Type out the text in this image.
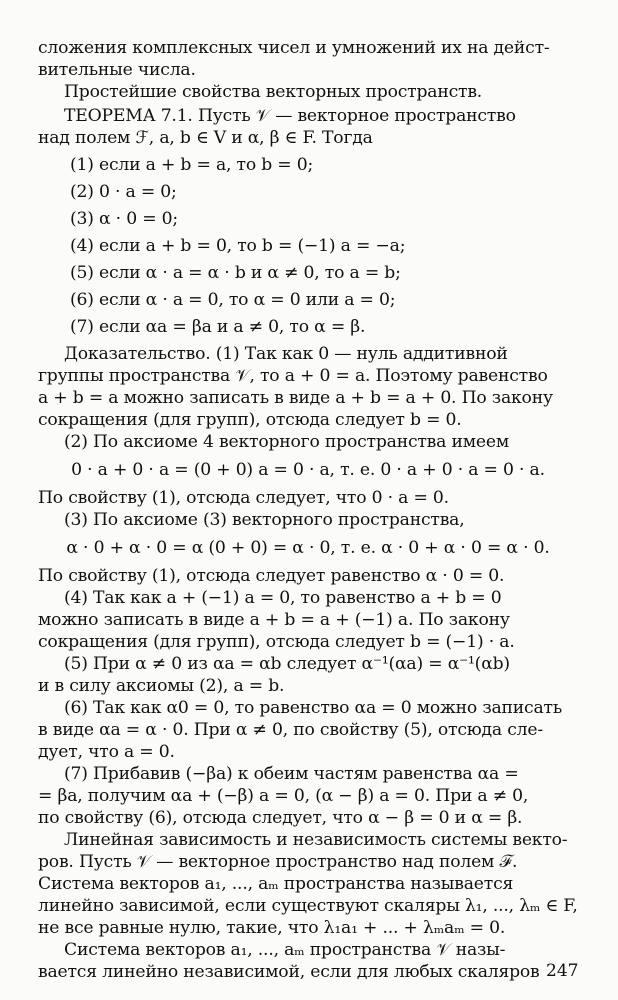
сложения комплексных чисел и умножений их на дейст-
вительные числа.
Простейшие свойства векторных пространств.
ТЕОРЕМА 7.1. Пусть 𝒱 — векторное пространство
над полем ℱ, a, b ∈ V и α, β ∈ F. Тогда
(1) если a + b = a, то b = 0;
(2) 0 · a = 0;
(3) α · 0 = 0;
(4) если a + b = 0, то b = (−1) a = −a;
(5) если α · a = α · b и α ≠ 0, то a = b;
(6) если α · a = 0, то α = 0 или a = 0;
(7) если αa = βa и a ≠ 0, то α = β.
Доказательство. (1) Так как 0 — нуль аддитивной
группы пространства 𝒱, то a + 0 = a. Поэтому равенство
a + b = a можно записать в виде a + b = a + 0. По закону
сокращения (для групп), отсюда следует b = 0.
(2) По аксиоме 4 векторного пространства имеем
0 · a + 0 · a = (0 + 0) a = 0 · a, т. е. 0 · a + 0 · a = 0 · a.
По свойству (1), отсюда следует, что 0 · a = 0.
(3) По аксиоме (3) векторного пространства,
α · 0 + α · 0 = α (0 + 0) = α · 0, т. е. α · 0 + α · 0 = α · 0.
По свойству (1), отсюда следует равенство α · 0 = 0.
(4) Так как a + (−1) a = 0, то равенство a + b = 0
можно записать в виде a + b = a + (−1) a. По закону
сокращения (для групп), отсюда следует b = (−1) · a.
(5) При α ≠ 0 из αa = αb следует α⁻¹(αa) = α⁻¹(αb)
и в силу аксиомы (2), a = b.
(6) Так как α0 = 0, то равенство αa = 0 можно записать
в виде αa = α · 0. При α ≠ 0, по свойству (5), отсюда сле-
дует, что a = 0.
(7) Прибавив (−βa) к обеим частям равенства αa =
= βa, получим αa + (−β) a = 0, (α − β) a = 0. При a ≠ 0,
по свойству (6), отсюда следует, что α − β = 0 и α = β.
Линейная зависимость и независимость системы векто-
ров. Пусть 𝒱 — векторное пространство над полем ℱ.
Система векторов a₁, ..., aₘ пространства называется
линейно зависимой, если существуют скаляры λ₁, ..., λₘ ∈ F,
не все равные нулю, такие, что λ₁a₁ + ... + λₘaₘ = 0.
Система векторов a₁, ..., aₘ пространства 𝒱 назы-
вается линейно независимой, если для любых скаляров 247
